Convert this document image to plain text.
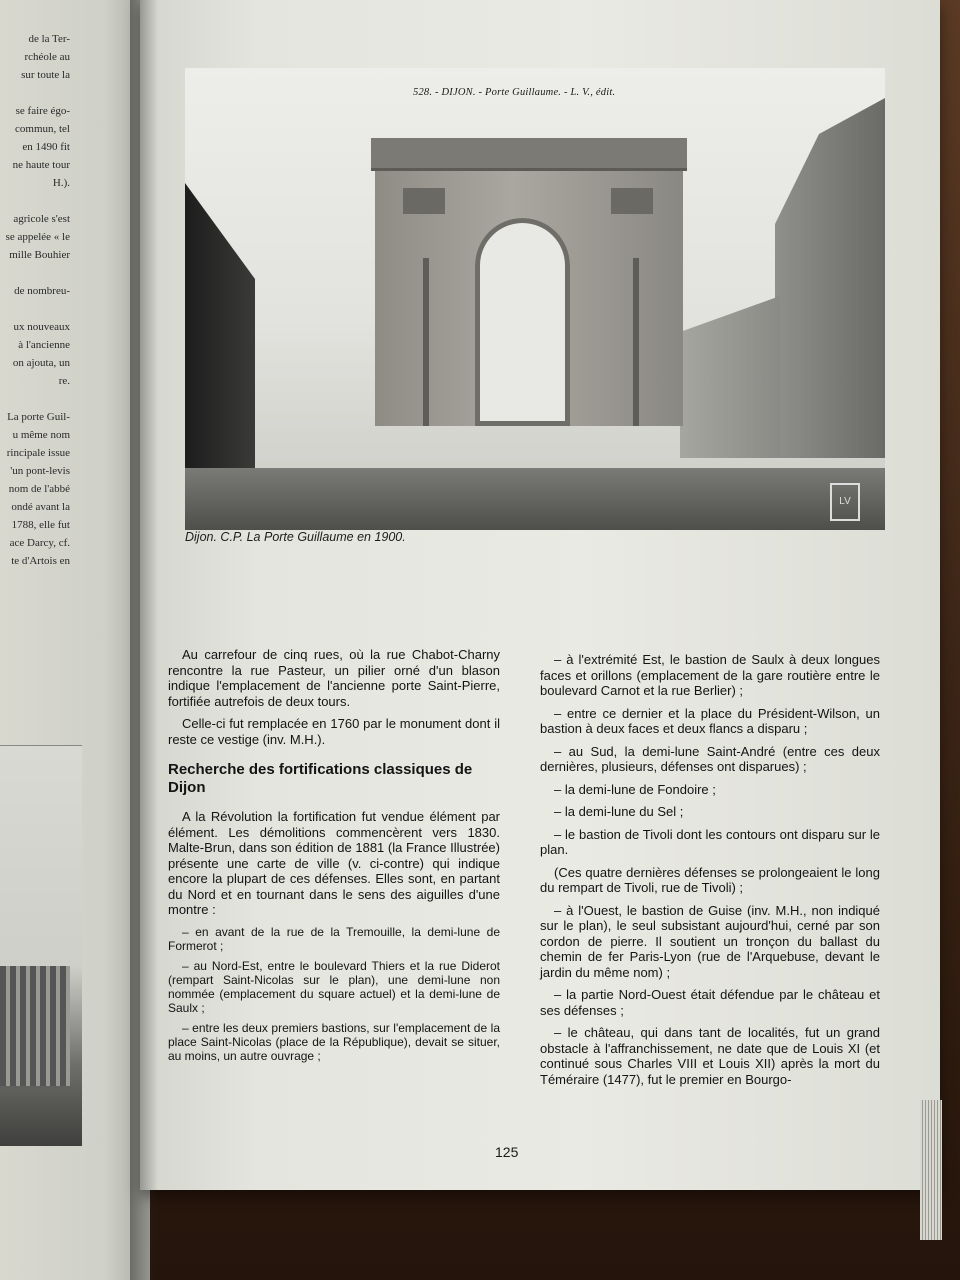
de la Ter-
rchéole au
sur toute la

se faire égo-
commun, tel
en 1490 fit
ne haute tour
H.).

agricole s'est
se appelée « le
mille Bouhier

de nombreu-

ux nouveaux
à l'ancienne
on ajouta, un
re.

La porte Guil-
u même nom
rincipale issue
'un pont-levis
nom de l'abbé
ondé avant la
1788, elle fut
ace Darcy, cf.
te d'Artois en
528. - DIJON. - Porte Guillaume. - L. V., édit.
LV
Dijon. C.P. La Porte Guillaume en 1900.

Au carrefour de cinq rues, où la rue Chabot-Charny rencontre la rue Pasteur, un pilier orné d'un blason indique l'emplacement de l'ancienne porte Saint-Pierre, fortifiée autrefois de deux tours.

Celle-ci fut remplacée en 1760 par le monument dont il reste ce vestige (inv. M.H.).

Recherche des fortifications classiques de Dijon

A la Révolution la fortification fut vendue élément par élément. Les démolitions commencèrent vers 1830. Malte-Brun, dans son édition de 1881 (la France Illustrée) présente une carte de ville (v. ci-contre) qui indique encore la plupart de ces défenses. Elles sont, en partant du Nord et en tournant dans le sens des aiguilles d'une montre :

– en avant de la rue de la Tremouille, la demi-lune de Formerot ;

– au Nord-Est, entre le boulevard Thiers et la rue Diderot (rempart Saint-Nicolas sur le plan), une demi-lune non nommée (emplacement du square actuel) et la demi-lune de Saulx ;

– entre les deux premiers bastions, sur l'emplacement de la place Saint-Nicolas (place de la République), devait se situer, au moins, un autre ouvrage ;

– à l'extrémité Est, le bastion de Saulx à deux longues faces et orillons (emplacement de la gare routière entre le boulevard Carnot et la rue Berlier) ;

– entre ce dernier et la place du Président-Wilson, un bastion à deux faces et deux flancs a disparu ;

– au Sud, la demi-lune Saint-André (entre ces deux dernières, plusieurs, défenses ont disparues) ;

– la demi-lune de Fondoire ;

– la demi-lune du Sel ;

– le bastion de Tivoli dont les contours ont disparu sur le plan.

(Ces quatre dernières défenses se prolongeaient le long du rempart de Tivoli, rue de Tivoli) ;

– à l'Ouest, le bastion de Guise (inv. M.H., non indiqué sur le plan), le seul subsistant aujourd'hui, cerné par son cordon de pierre. Il soutient un tronçon du ballast du chemin de fer Paris-Lyon (rue de l'Arquebuse, devant le jardin du même nom) ;

– la partie Nord-Ouest était défendue par le château et ses défenses ;

– le château, qui dans tant de localités, fut un grand obstacle à l'affranchissement, ne date que de Louis XI (et continué sous Charles VIII et Louis XII) après la mort du Téméraire (1477), fut le premier en Bourgo-

125
